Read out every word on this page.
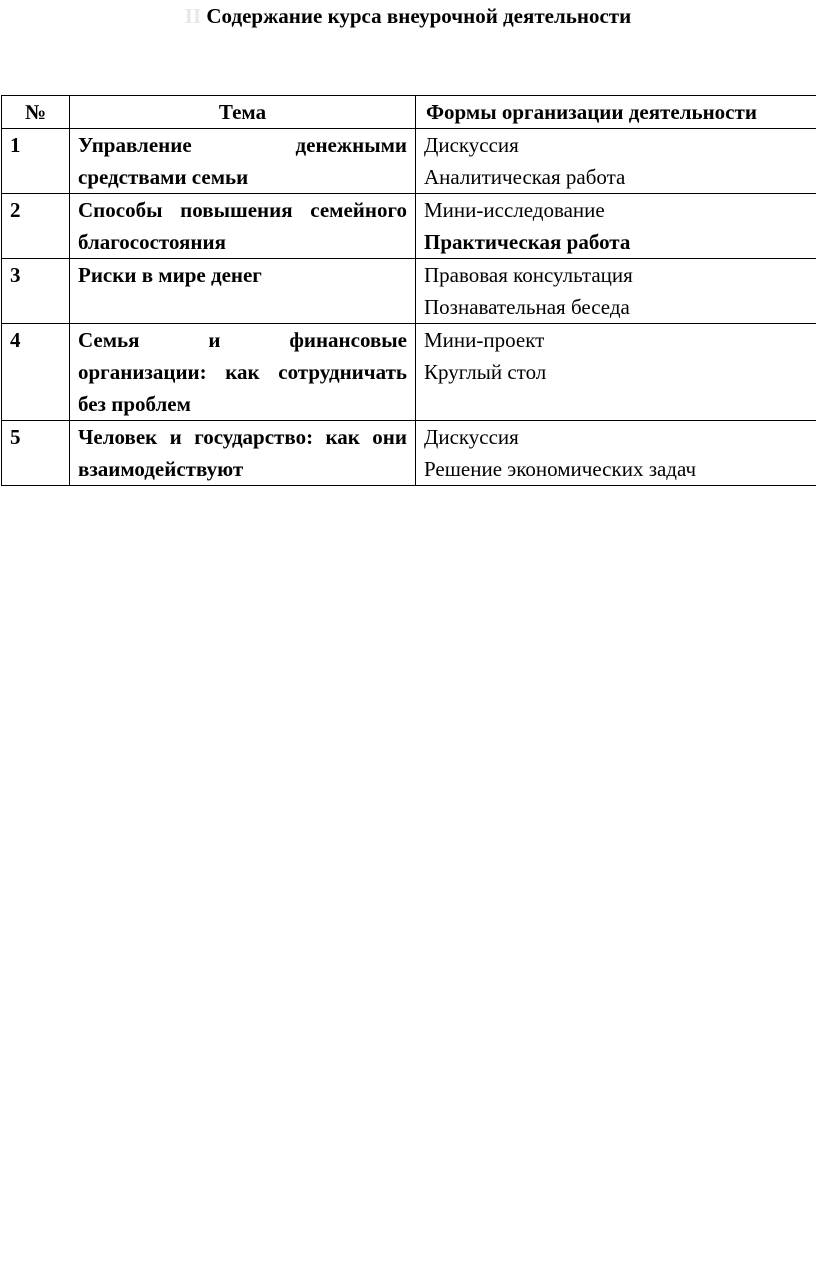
II Содержание курса внеурочной деятельности
№	Тема	Формы организации деятельности
1	Управление денежными средствами семьи	Дискуссия
Аналитическая работа

2	Способы повышения семейного благосостояния	Мини-исследование
Практическая работа

3	Риски в мире денег	Правовая консультация
Познавательная беседа

4	Семья и финансовые организации: как сотрудничать без проблем	Мини-проект
Круглый стол

5	Человек и государство: как они взаимодействуют	Дискуссия
Решение экономических задач
